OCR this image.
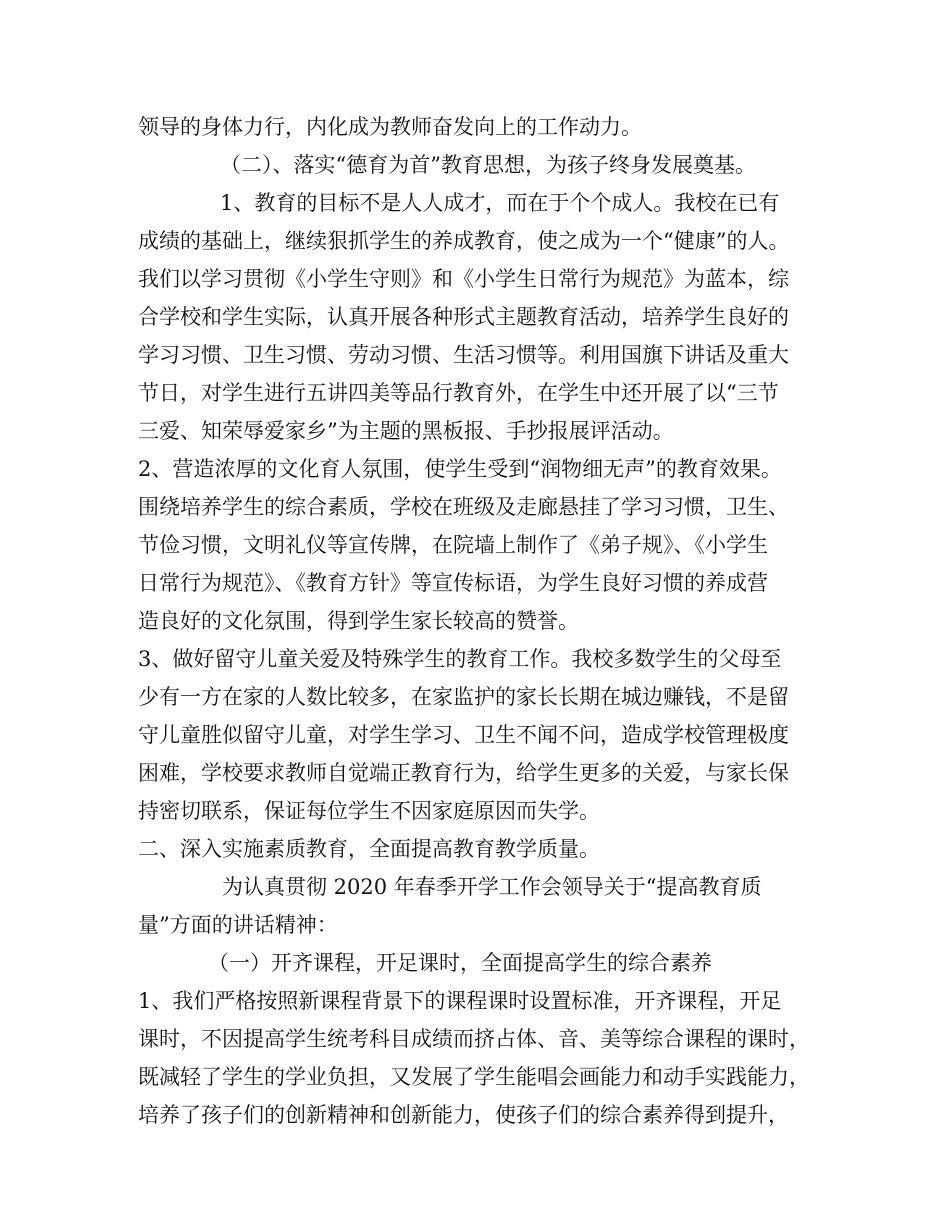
领导的身体力行，内化成为教师奋发向上的工作动力。
（二）、落实“德育为首”教育思想，为孩子终身发展奠基。
1、教育的目标不是人人成才，而在于个个成人。我校在已有
成绩的基础上，继续狠抓学生的养成教育，使之成为一个“健康”的人。
我们以学习贯彻《小学生守则》和《小学生日常行为规范》为蓝本，综
合学校和学生实际，认真开展各种形式主题教育活动，培养学生良好的
学习习惯、卫生习惯、劳动习惯、生活习惯等。利用国旗下讲话及重大
节日，对学生进行五讲四美等品行教育外，在学生中还开展了以“三节
三爱、知荣辱爱家乡”为主题的黑板报、手抄报展评活动。
2、营造浓厚的文化育人氛围，使学生受到“润物细无声”的教育效果。
围绕培养学生的综合素质，学校在班级及走廊悬挂了学习习惯，卫生、
节俭习惯，文明礼仪等宣传牌，在院墙上制作了《弟子规》、《小学生
日常行为规范》、《教育方针》等宣传标语，为学生良好习惯的养成营
造良好的文化氛围，得到学生家长较高的赞誉。
3、做好留守儿童关爱及特殊学生的教育工作。我校多数学生的父母至
少有一方在家的人数比较多，在家监护的家长长期在城边赚钱，不是留
守儿童胜似留守儿童，对学生学习、卫生不闻不问，造成学校管理极度
困难，学校要求教师自觉端正教育行为，给学生更多的关爱，与家长保
持密切联系，保证每位学生不因家庭原因而失学。
二、深入实施素质教育，全面提高教育教学质量。
为认真贯彻 2020 年春季开学工作会领导关于“提高教育质
量”方面的讲话精神：
（一）开齐课程，开足课时，全面提高学生的综合素养
1、我们严格按照新课程背景下的课程课时设置标准，开齐课程，开足
课时，不因提高学生统考科目成绩而挤占体、音、美等综合课程的课时，
既减轻了学生的学业负担，又发展了学生能唱会画能力和动手实践能力，
培养了孩子们的创新精神和创新能力，使孩子们的综合素养得到提升，
